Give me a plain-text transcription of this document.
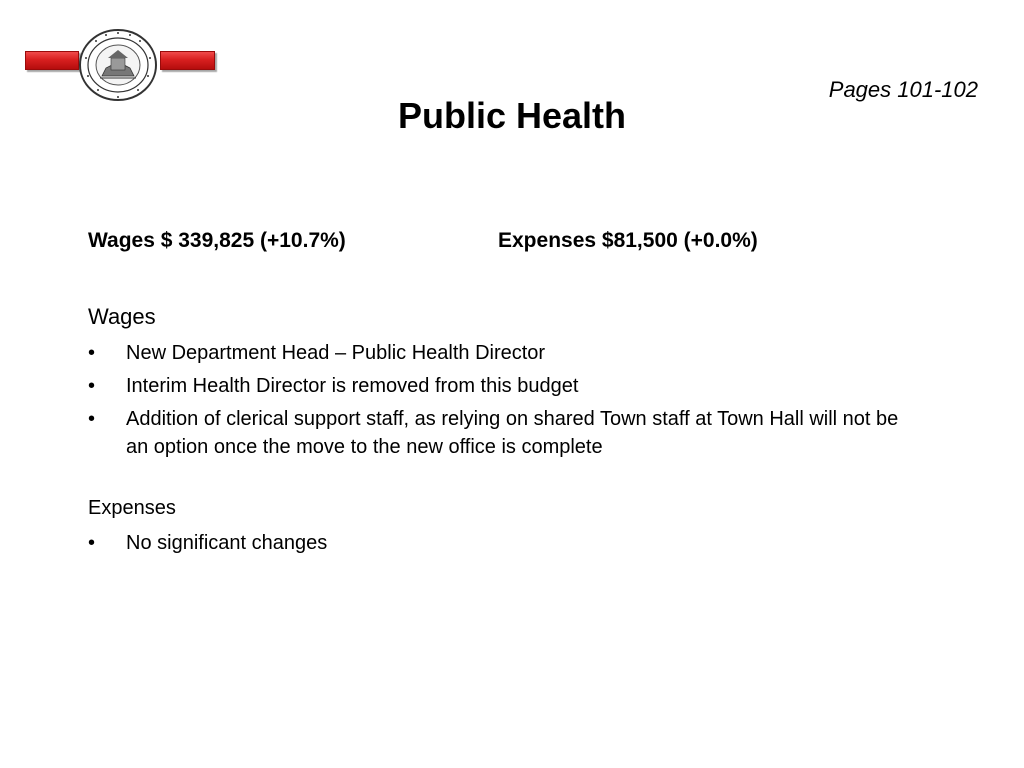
Pages 101-102
Public Health
Wages $ 339,825 (+10.7%)	Expenses $81,500 (+0.0%)
Wages
• New Department Head – Public Health Director
• Interim Health Director is removed from this budget
• Addition of clerical support staff, as relying on shared Town staff at Town Hall will not be an option once the move to the new office is complete
Expenses
• No significant changes
